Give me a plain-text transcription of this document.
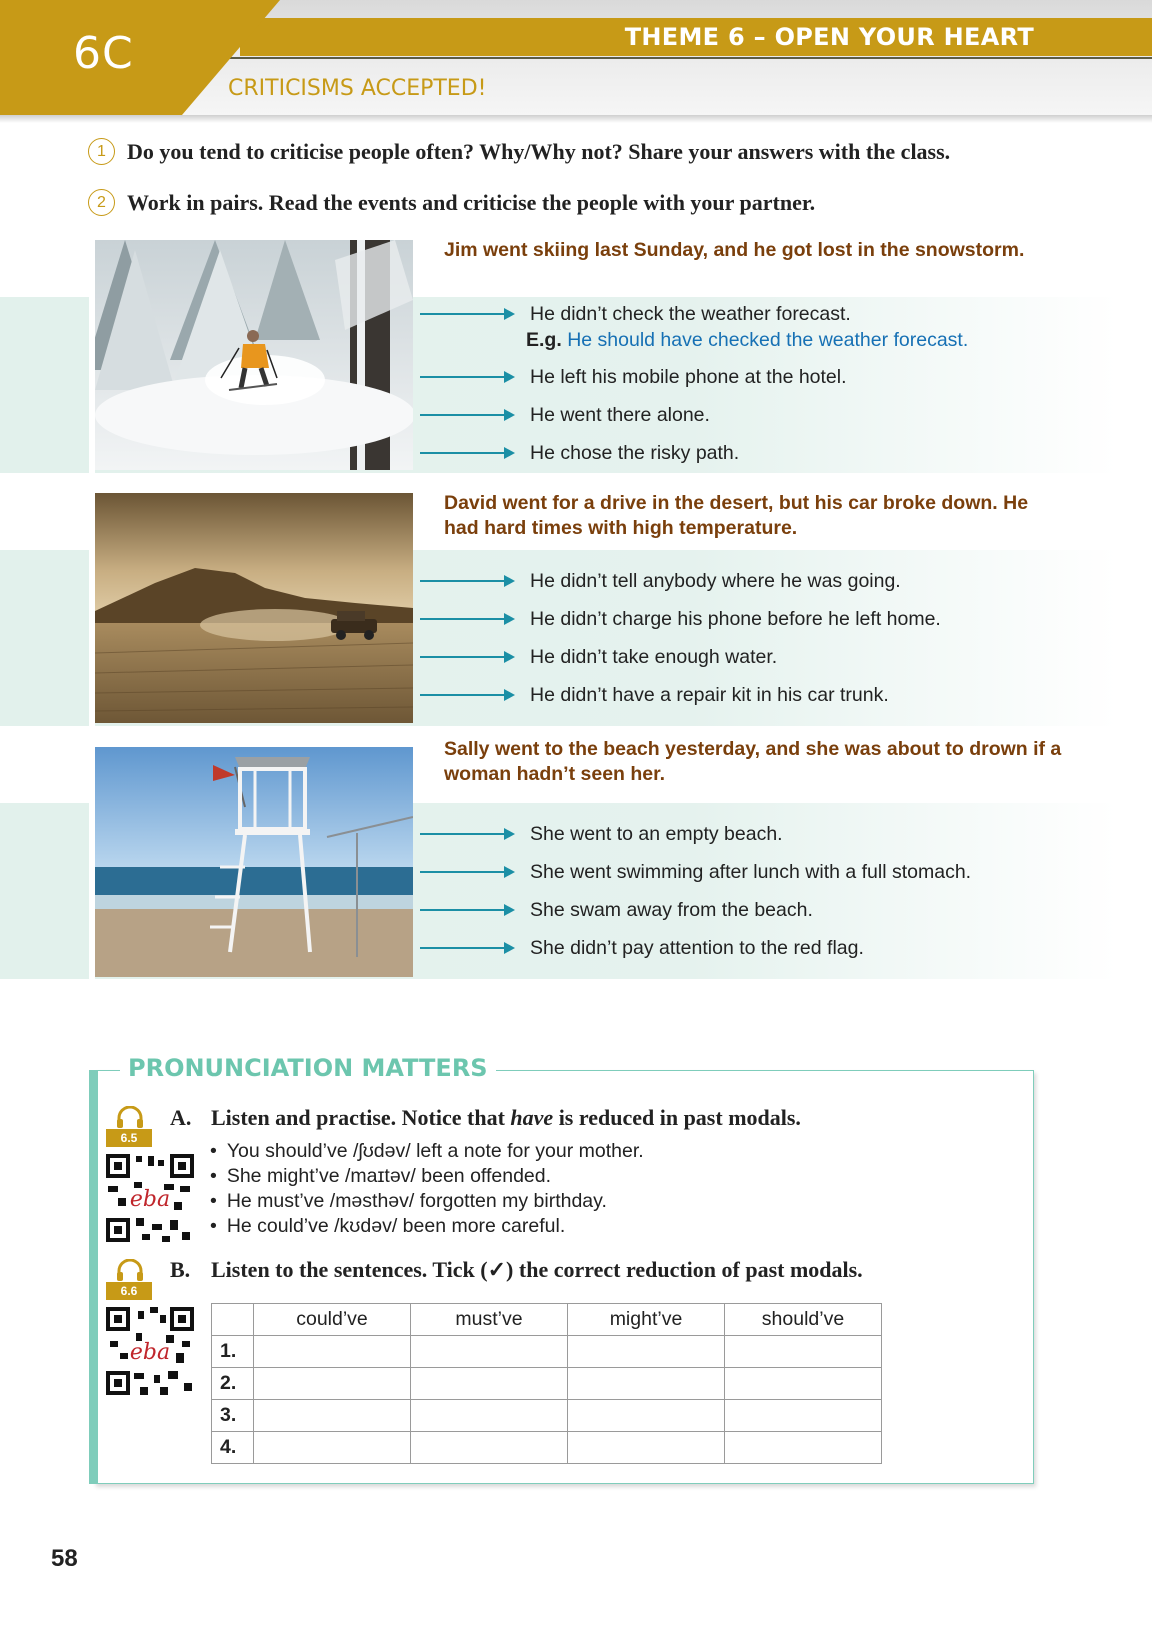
6C	THEME 6 – OPEN YOUR HEART
CRITICISMS ACCEPTED!
1 Do you tend to criticise people often? Why/Why not? Share your answers with the class.
2 Work in pairs. Read the events and criticise the people with your partner.
Jim went skiing last Sunday, and he got lost in the snowstorm.
He didn’t check the weather forecast.
E.g. He should have checked the weather forecast.
He left his mobile phone at the hotel.
He went there alone.
He chose the risky path.
David went for a drive in the desert, but his car broke down. He had hard times with high temperature.
He didn’t tell anybody where he was going.
He didn’t charge his phone before he left home.
He didn’t take enough water.
He didn’t have a repair kit in his car trunk.
Sally went to the beach yesterday, and she was about to drown if a woman hadn’t seen her.
She went to an empty beach.
She went swimming after lunch with a full stomach.
She swam away from the beach.
She didn’t pay attention to the red flag.
PRONUNCIATION MATTERS
6.5
eba
A. Listen and practise. Notice that have is reduced in past modals.
• You should’ve /ʃʊdəv/ left a note for your mother.
• She might’ve /maɪtəv/ been offended.
• He must’ve /məsthəv/ forgotten my birthday.
• He could’ve /kʊdəv/ been more careful.
6.6
eba
B. Listen to the sentences. Tick (✓) the correct reduction of past modals.
	could’ve	must’ve	might’ve	should’ve
1.				
2.				
3.				
4.				
58
